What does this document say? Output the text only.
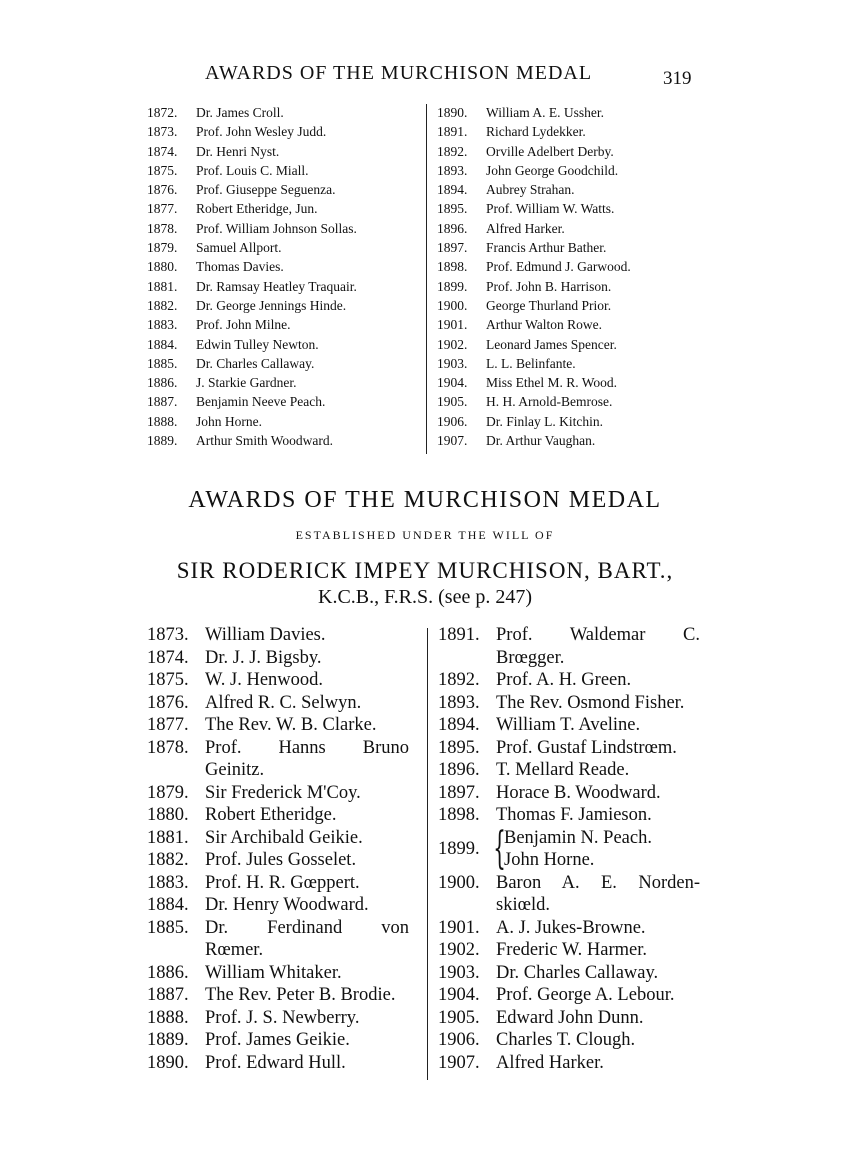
AWARDS OF THE MURCHISON MEDAL	319
1872.	Dr. James Croll.
1873.	Prof. John Wesley Judd.
1874.	Dr. Henri Nyst.
1875.	Prof. Louis C. Miall.
1876.	Prof. Giuseppe Seguenza.
1877.	Robert Etheridge, Jun.
1878.	Prof. William Johnson Sollas.
1879.	Samuel Allport.
1880.	Thomas Davies.
1881.	Dr. Ramsay Heatley Traquair.
1882.	Dr. George Jennings Hinde.
1883.	Prof. John Milne.
1884.	Edwin Tulley Newton.
1885.	Dr. Charles Callaway.
1886.	J. Starkie Gardner.
1887.	Benjamin Neeve Peach.
1888.	John Horne.
1889.	Arthur Smith Woodward.
1890.	William A. E. Ussher.
1891.	Richard Lydekker.
1892.	Orville Adelbert Derby.
1893.	John George Goodchild.
1894.	Aubrey Strahan.
1895.	Prof. William W. Watts.
1896.	Alfred Harker.
1897.	Francis Arthur Bather.
1898.	Prof. Edmund J. Garwood.
1899.	Prof. John B. Harrison.
1900.	George Thurland Prior.
1901.	Arthur Walton Rowe.
1902.	Leonard James Spencer.
1903.	L. L. Belinfante.
1904.	Miss Ethel M. R. Wood.
1905.	H. H. Arnold-Bemrose.
1906.	Dr. Finlay L. Kitchin.
1907.	Dr. Arthur Vaughan.
AWARDS OF THE MURCHISON MEDAL
ESTABLISHED UNDER THE WILL OF
SIR RODERICK IMPEY MURCHISON, BART.,
K.C.B., F.R.S. (see p. 247)
1873. William Davies.
1874. Dr. J. J. Bigsby.
1875. W. J. Henwood.
1876. Alfred R. C. Selwyn.
1877. The Rev. W. B. Clarke.
1878. Prof. Hanns Bruno
Geinitz.
1879. Sir Frederick M'Coy.
1880. Robert Etheridge.
1881. Sir Archibald Geikie.
1882. Prof. Jules Gosselet.
1883. Prof. H. R. Gœppert.
1884. Dr. Henry Woodward.
1885. Dr. Ferdinand von
Rœmer.
1886. William Whitaker.
1887. The Rev. Peter B. Brodie.
1888. Prof. J. S. Newberry.
1889. Prof. James Geikie.
1890. Prof. Edward Hull.
1891. Prof. Waldemar C.
Brœgger.
1892. Prof. A. H. Green.
1893. The Rev. Osmond Fisher.
1894. William T. Aveline.
1895. Prof. Gustaf Lindstrœm.
1896. T. Mellard Reade.
1897. Horace B. Woodward.
1898. Thomas F. Jamieson.
1899. {
Benjamin N. Peach.
John Horne.
1900. Baron A. E. Norden-
skiœld.
1901. A. J. Jukes-Browne.
1902. Frederic W. Harmer.
1903. Dr. Charles Callaway.
1904. Prof. George A. Lebour.
1905. Edward John Dunn.
1906. Charles T. Clough.
1907. Alfred Harker.
